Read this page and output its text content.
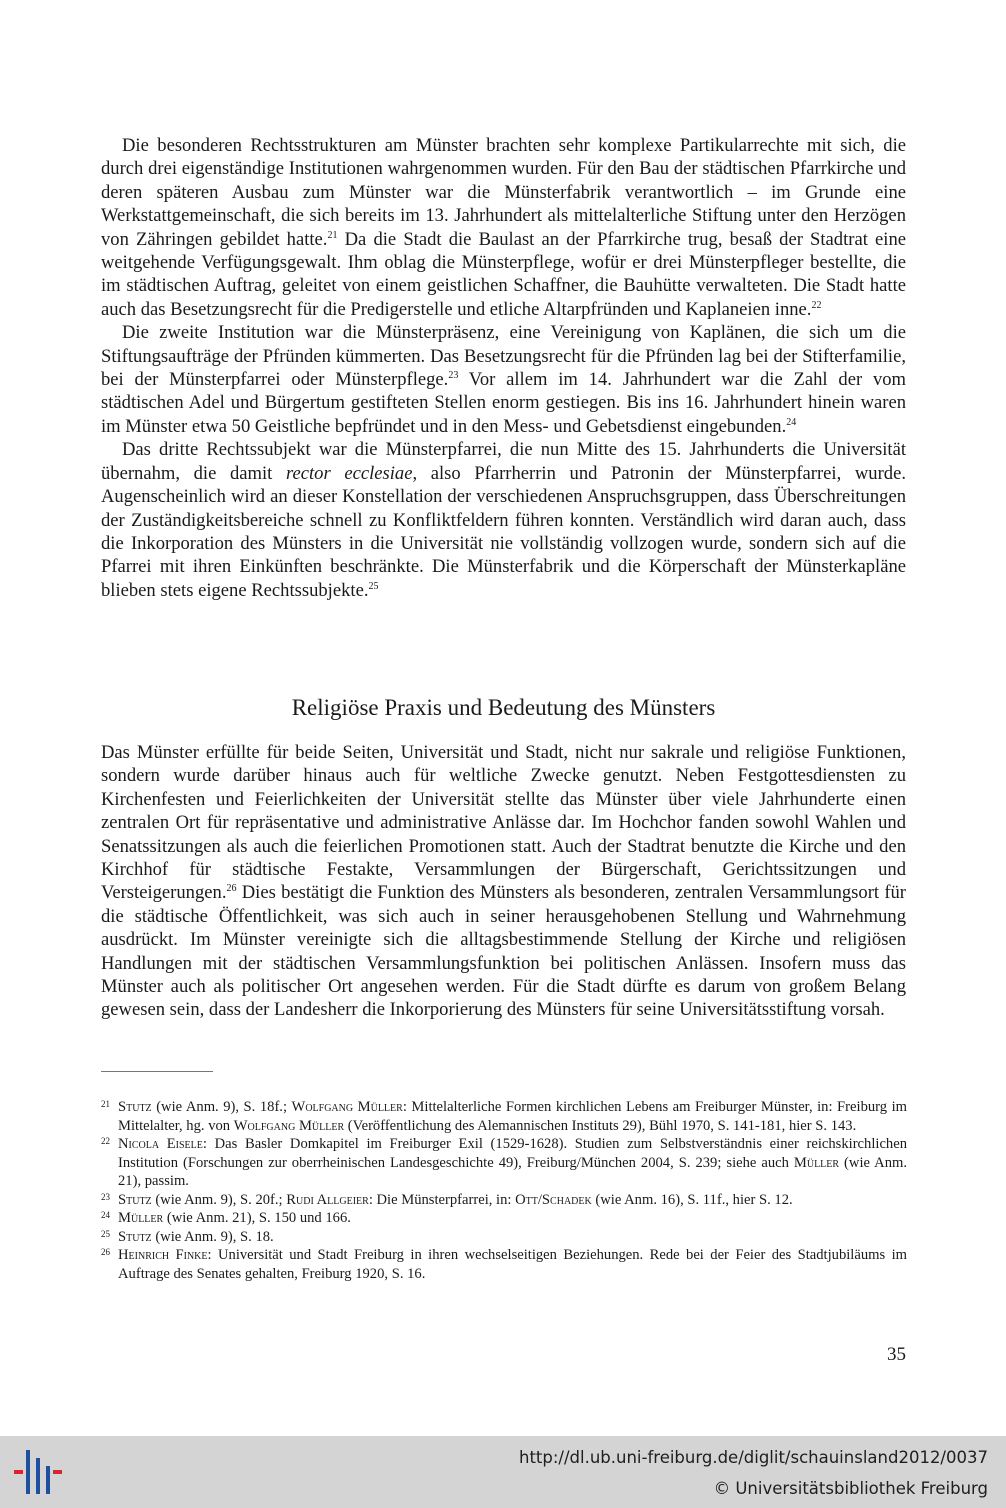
Die besonderen Rechtsstrukturen am Münster brachten sehr komplexe Partikularrechte mit sich, die durch drei eigenständige Institutionen wahrgenommen wurden. Für den Bau der städtischen Pfarrkirche und deren späteren Ausbau zum Münster war die Münsterfabrik verantwortlich – im Grunde eine Werkstattgemeinschaft, die sich bereits im 13. Jahrhundert als mittelalterliche Stiftung unter den Herzögen von Zähringen gebildet hatte.$^{21}$ Da die Stadt die Baulast an der Pfarrkirche trug, besaß der Stadtrat eine weitgehende Verfügungsgewalt. Ihm oblag die Münsterpflege, wofür er drei Münsterpfleger bestellte, die im städtischen Auftrag, geleitet von einem geistlichen Schaffner, die Bauhütte verwalteten. Die Stadt hatte auch das Besetzungsrecht für die Predigerstelle und etliche Altarpfründen und Kaplaneien inne.$^{22}$

Die zweite Institution war die Münsterpräsenz, eine Vereinigung von Kaplänen, die sich um die Stiftungsaufträge der Pfründen kümmerten. Das Besetzungsrecht für die Pfründen lag bei der Stifterfamilie, bei der Münsterpfarrei oder Münsterpflege.$^{23}$ Vor allem im 14. Jahrhundert war die Zahl der vom städtischen Adel und Bürgertum gestifteten Stellen enorm gestiegen. Bis ins 16. Jahrhundert hinein waren im Münster etwa 50 Geistliche bepfründet und in den Mess- und Gebetsdienst eingebunden.$^{24}$

Das dritte Rechtssubjekt war die Münsterpfarrei, die nun Mitte des 15. Jahrhunderts die Universität übernahm, die damit rector ecclesiae, also Pfarrherrin und Patronin der Münsterpfarrei, wurde. Augenscheinlich wird an dieser Konstellation der verschiedenen Anspruchsgruppen, dass Überschreitungen der Zuständigkeitsbereiche schnell zu Konfliktfeldern führen konnten. Verständlich wird daran auch, dass die Inkorporation des Münsters in die Universität nie vollständig vollzogen wurde, sondern sich auf die Pfarrei mit ihren Einkünften beschränkte. Die Münsterfabrik und die Körperschaft der Münsterkapläne blieben stets eigene Rechtssubjekte.$^{25}$

Religiöse Praxis und Bedeutung des Münsters

Das Münster erfüllte für beide Seiten, Universität und Stadt, nicht nur sakrale und religiöse Funktionen, sondern wurde darüber hinaus auch für weltliche Zwecke genutzt. Neben Festgottesdiensten zu Kirchenfesten und Feierlichkeiten der Universität stellte das Münster über viele Jahrhunderte einen zentralen Ort für repräsentative und administrative Anlässe dar. Im Hochchor fanden sowohl Wahlen und Senatssitzungen als auch die feierlichen Promotionen statt. Auch der Stadtrat benutzte die Kirche und den Kirchhof für städtische Festakte, Versammlungen der Bürgerschaft, Gerichtssitzungen und Versteigerungen.$^{26}$ Dies bestätigt die Funktion des Münsters als besonderen, zentralen Versammlungsort für die städtische Öffentlichkeit, was sich auch in seiner herausgehobenen Stellung und Wahrnehmung ausdrückt. Im Münster vereinigte sich die alltagsbestimmende Stellung der Kirche und religiösen Handlungen mit der städtischen Versammlungsfunktion bei politischen Anlässen. Insofern muss das Münster auch als politischer Ort angesehen werden. Für die Stadt dürfte es darum von großem Belang gewesen sein, dass der Landesherr die Inkorporierung des Münsters für seine Universitätsstiftung vorsah.

21 Stutz (wie Anm. 9), S. 18f.; Wolfgang Müller: Mittelalterliche Formen kirchlichen Lebens am Freiburger Münster, in: Freiburg im Mittelalter, hg. von Wolfgang Müller (Veröffentlichung des Alemannischen Instituts 29), Bühl 1970, S. 141-181, hier S. 143.

22 Nicola Eisele: Das Basler Domkapitel im Freiburger Exil (1529-1628). Studien zum Selbstverständnis einer reichskirchlichen Institution (Forschungen zur oberrheinischen Landesgeschichte 49), Freiburg/München 2004, S. 239; siehe auch Müller (wie Anm. 21), passim.

23 Stutz (wie Anm. 9), S. 20f.; Rudi Allgeier: Die Münsterpfarrei, in: Ott/Schadek (wie Anm. 16), S. 11f., hier S. 12.

24 Müller (wie Anm. 21), S. 150 und 166.

25 Stutz (wie Anm. 9), S. 18.

26 Heinrich Finke: Universität und Stadt Freiburg in ihren wechselseitigen Beziehungen. Rede bei der Feier des Stadtjubiläums im Auftrage des Senates gehalten, Freiburg 1920, S. 16.

35
http://dl.ub.uni-freiburg.de/diglit/schauinsland2012/0037
© Universitätsbibliothek Freiburg
